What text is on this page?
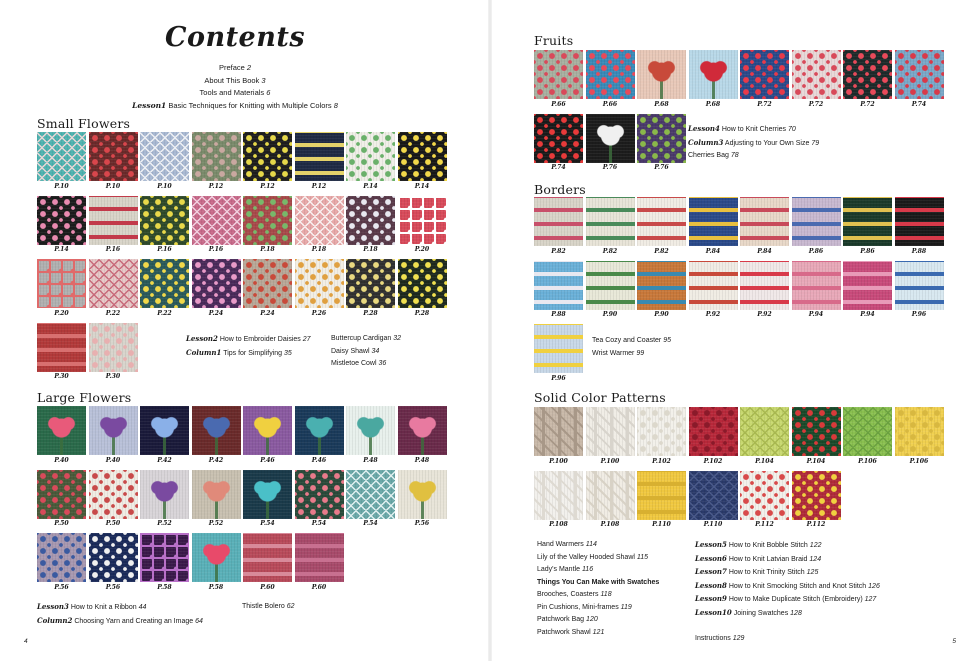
Contents
Preface 2
About This Book 3
Tools and Materials 6
Lesson1 Basic Techniques for Knitting with Multiple Colors 8
Small Flowers
P.10	P.10	P.10	P.12	P.12	P.12	P.14	P.14
P.14	P.16	P.16	P.16	P.18	P.18	P.18	P.20
P.20	P.22	P.22	P.24	P.24	P.26	P.28	P.28
P.30	P.30
Lesson2 How to Embroider Daisies 27
Column1 Tips for Simplifying 35
Buttercup Cardigan 32
Daisy Shawl 34
Mistletoe Cowl 36
Large Flowers
P.40	P.40	P.42	P.42	P.46	P.46	P.48	P.48
P.50	P.50	P.52	P.52	P.54	P.54	P.54	P.56
P.56	P.56	P.58	P.58	P.60	P.60
Lesson3 How to Knit a Ribbon 44
Column2 Choosing Yarn and Creating an Image 64
Thistle Bolero 62
4
Fruits
P.66	P.66	P.68	P.68	P.72	P.72	P.72	P.74
P.74	P.76	P.76
Lesson4 How to Knit Cherries 70
Column3 Adjusting to Your Own Size 79
Cherries Bag 78
Borders
P.82	P.82	P.82	P.84	P.84	P.86	P.86	P.88
P.88	P.90	P.90	P.92	P.92	P.94	P.94	P.96
P.96
Tea Cozy and Coaster 95
Wrist Warmer 99
Solid Color Patterns
P.100	P.100	P.102	P.102	P.104	P.104	P.106	P.106
P.108	P.108	P.110	P.110	P.112	P.112
Hand Warmers 114
Lily of the Valley Hooded Shawl 115
Lady's Mantle 116
Things You Can Make with Swatches
Brooches, Coasters 118
Pin Cushions, Mini-frames 119
Patchwork Bag 120
Patchwork Shawl 121
Lesson5 How to Knit Bobble Stitch 122
Lesson6 How to Knit Latvian Braid 124
Lesson7 How to Knit Trinity Stitch 125
Lesson8 How to Knit Smocking Stitch and Knot Stitch 126
Lesson9 How to Make Duplicate Stitch (Embroidery) 127
Lesson10 Joining Swatches 128

Instructions 129	5
